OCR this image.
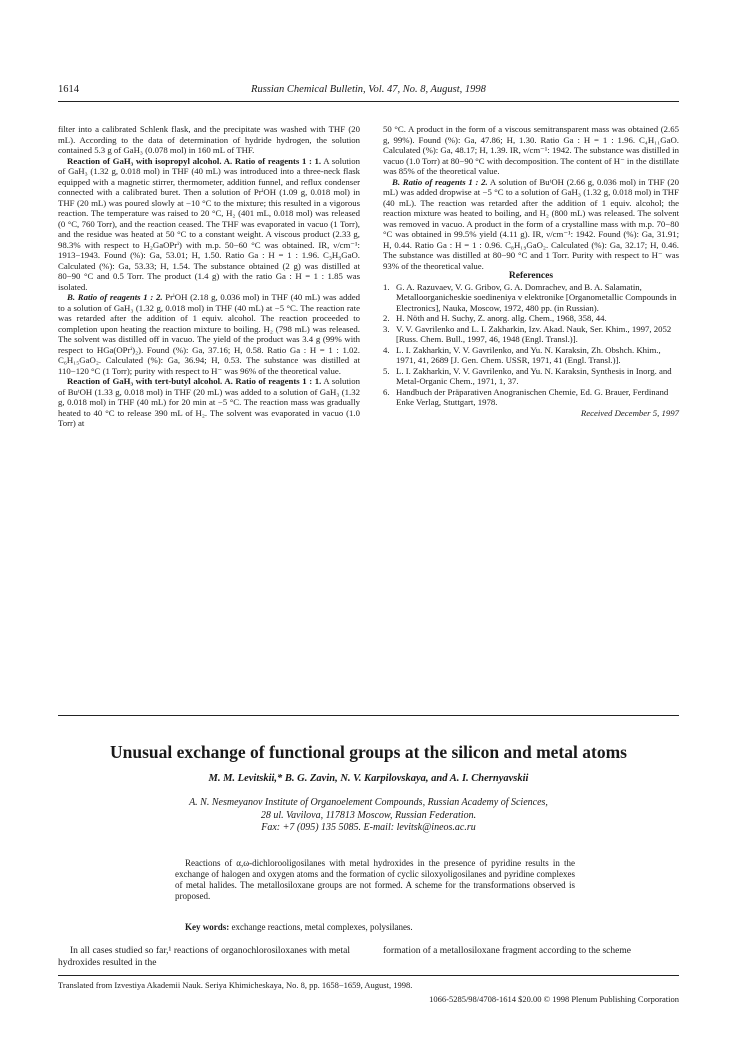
1614	Russian Chemical Bulletin, Vol. 47, No. 8, August, 1998

filter into a calibrated Schlenk flask, and the precipitate was washed with THF (20 mL). According to the data of determination of hydride hydrogen, the solution contained 5.3 g of GaH₃ (0.078 mol) in 160 mL of THF.

Reaction of GaH₃ with isopropyl alcohol. A. Ratio of reagents 1 : 1. A solution of GaH₃ (1.32 g, 0.018 mol) in THF (40 mL) was introduced into a three-neck flask equipped with a magnetic stirrer, thermometer, addition funnel, and reflux condenser connected with a calibrated buret. Then a solution of PrⁱOH (1.09 g, 0.018 mol) in THF (20 mL) was poured slowly at −10 °C to the mixture; this resulted in a vigorous reaction. The temperature was raised to 20 °C, H₂ (401 mL, 0.018 mol) was released (0 °C, 760 Torr), and the reaction ceased. The THF was evaporated in vacuo (1 Torr), and the residue was heated at 50 °C to a constant weight. A viscous product (2.33 g, 98.3% with respect to H₂GaOPrⁱ) with m.p. 50−60 °C was obtained. IR, ν/cm⁻¹: 1913−1943. Found (%): Ga, 53.01; H, 1.50. Ratio Ga : H = 1 : 1.96. C₃H₉GaO. Calculated (%): Ga, 53.33; H, 1.54. The substance obtained (2 g) was distilled at 80−90 °C and 0.5 Torr. The product (1.4 g) with the ratio Ga : H = 1 : 1.85 was isolated.

B. Ratio of reagents 1 : 2. PrⁱOH (2.18 g, 0.036 mol) in THF (40 mL) was added to a solution of GaH₃ (1.32 g, 0.018 mol) in THF (40 mL) at −5 °C. The reaction rate was retarded after the addition of 1 equiv. alcohol. The reaction proceeded to completion upon heating the reaction mixture to boiling. H₂ (798 mL) was released. The solvent was distilled off in vacuo. The yield of the product was 3.4 g (99% with respect to HGa(OPrⁱ)₂). Found (%): Ga, 37.16; H, 0.58. Ratio Ga : H = 1 : 1.02. C₆H₁₅GaO₂. Calculated (%): Ga, 36.94; H, 0.53. The substance was distilled at 110−120 °C (1 Torr); purity with respect to H⁻ was 96% of the theoretical value.

Reaction of GaH₃ with tert-butyl alcohol. A. Ratio of reagents 1 : 1. A solution of BuᵗOH (1.33 g, 0.018 mol) in THF (20 mL) was added to a solution of GaH₃ (1.32 g, 0.018 mol) in THF (40 mL) for 20 min at −5 °C. The reaction mass was gradually heated to 40 °C to release 390 mL of H₂. The solvent was evaporated in vacuo (1.0 Torr) at

50 °C. A product in the form of a viscous semitransparent mass was obtained (2.65 g, 99%). Found (%): Ga, 47.86; H, 1.30. Ratio Ga : H = 1 : 1.96. C₄H₁₁GaO. Calculated (%): Ga, 48.17; H, 1.39. IR, ν/cm⁻¹: 1942. The substance was distilled in vacuo (1.0 Torr) at 80−90 °C with decomposition. The content of H⁻ in the distillate was 85% of the theoretical value.

B. Ratio of reagents 1 : 2. A solution of BuᵗOH (2.66 g, 0.036 mol) in THF (20 mL) was added dropwise at −5 °C to a solution of GaH₃ (1.32 g, 0.018 mol) in THF (40 mL). The reaction was retarded after the addition of 1 equiv. alcohol; the reaction mixture was heated to boiling, and H₂ (800 mL) was released. The solvent was removed in vacuo. A product in the form of a crystalline mass with m.p. 70−80 °C was obtained in 99.5% yield (4.11 g). IR, ν/cm⁻¹: 1942. Found (%): Ga, 31.91; H, 0.44. Ratio Ga : H = 1 : 0.96. C₈H₁₉GaO₂. Calculated (%): Ga, 32.17; H, 0.46. The substance was distilled at 80−90 °C and 1 Torr. Purity with respect to H⁻ was 93% of the theoretical value.

References

1. G. A. Razuvaev, V. G. Gribov, G. A. Domrachev, and B. A. Salamatin, Metalloorganicheskie soedineniya v elektronike [Organometallic Compounds in Electronics], Nauka, Moscow, 1972, 480 pp. (in Russian).
2. H. Nöth and H. Suchy, Z. anorg. allg. Chem., 1968, 358, 44.
3. V. V. Gavrilenko and L. I. Zakharkin, Izv. Akad. Nauk, Ser. Khim., 1997, 2052 [Russ. Chem. Bull., 1997, 46, 1948 (Engl. Transl.)].
4. L. I. Zakharkin, V. V. Gavrilenko, and Yu. N. Karaksin, Zh. Obshch. Khim., 1971, 41, 2689 [J. Gen. Chem. USSR, 1971, 41 (Engl. Transl.)].
5. L. I. Zakharkin, V. V. Gavrilenko, and Yu. N. Karaksin, Synthesis in Inorg. and Metal-Organic Chem., 1971, 1, 37.
6. Handbuch der Präparativen Anogranischen Chemie, Ed. G. Brauer, Ferdinand Enke Verlag, Stuttgart, 1978.

Received December 5, 1997

Unusual exchange of functional groups at the silicon and metal atoms
M. M. Levitskii,* B. G. Zavin, N. V. Karpilovskaya, and A. I. Chernyavskii
A. N. Nesmeyanov Institute of Organoelement Compounds, Russian Academy of Sciences,
28 ul. Vavilova, 117813 Moscow, Russian Federation.
Fax: +7 (095) 135 5085. E-mail: levitsk@ineos.ac.ru

Reactions of α,ω-dichlorooligosilanes with metal hydroxides in the presence of pyridine results in the exchange of halogen and oxygen atoms and the formation of cyclic siloxyoligosilanes and pyridine complexes of metal halides. The metallosiloxane groups are not formed. A scheme for the transformations observed is proposed.

Key words: exchange reactions, metal complexes, polysilanes.
In all cases studied so far,¹ reactions of organochlorosiloxanes with metal hydroxides resulted in the
formation of a metallosiloxane fragment according to the scheme
Translated from Izvestiya Akademii Nauk. Seriya Khimicheskaya, No. 8, pp. 1658−1659, August, 1998.
1066-5285/98/4708-1614 $20.00 © 1998 Plenum Publishing Corporation
